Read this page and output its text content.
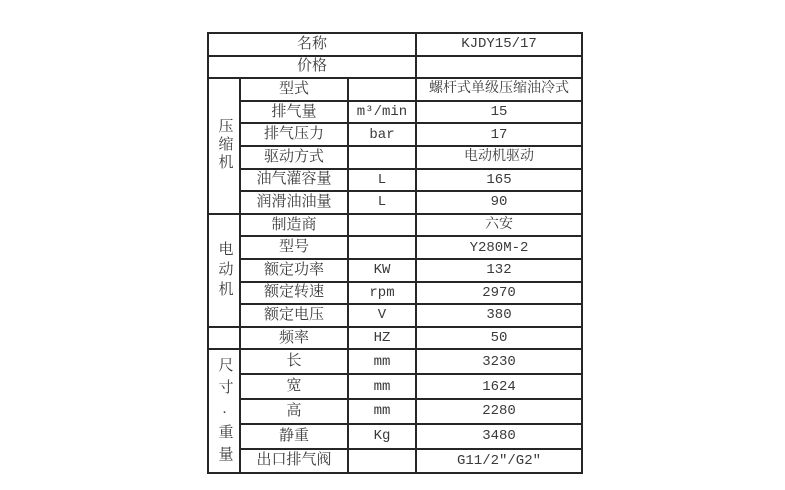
名称			KJDY15/17
价格			
压缩机	型式		螺杆式单级压缩油冷式
	排气量	m³/min	15
	排气压力	bar	17
	驱动方式		电动机驱动
	油气灌容量	L	165
	润滑油油量	L	90
电动机	制造商		六安
	型号		Y280M-2
	额定功率	KW	132
	额定转速	rpm	2970
	额定电压	V	380
	频率	HZ	50
尺寸.重量	长	mm	3230
	宽	mm	1624
	高	mm	2280
	静重	Kg	3480
	出口排气阀		G11/2″/G2″
